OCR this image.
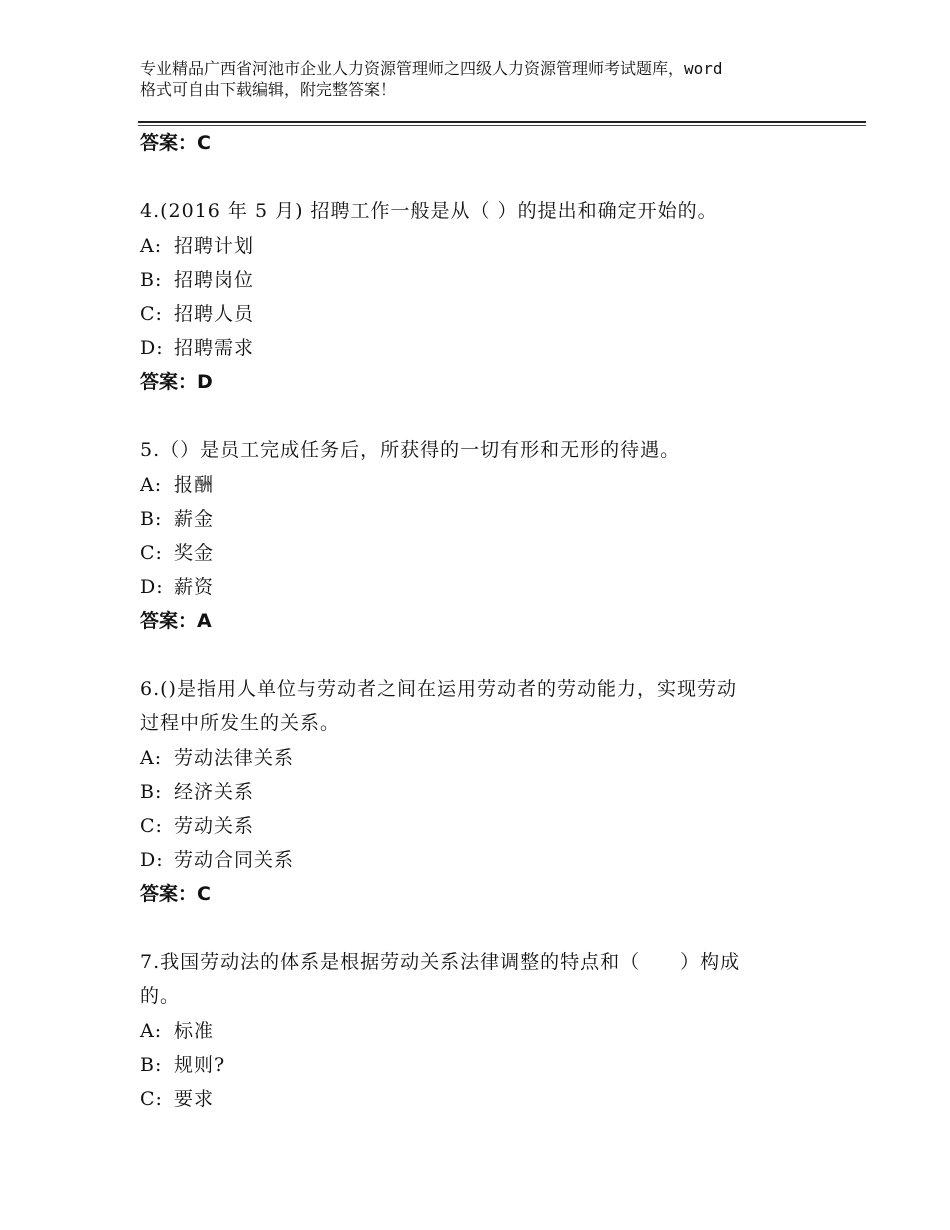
专业精品广西省河池市企业人力资源管理师之四级人力资源管理师考试题库，word
格式可自由下载编辑，附完整答案！
答案：C
4.(2016 年 5 月) 招聘工作一般是从（ ）的提出和确定开始的。
A: 招聘计划
B: 招聘岗位
C: 招聘人员
D: 招聘需求
答案：D
5.（）是员工完成任务后，所获得的一切有形和无形的待遇。
A: 报酬
B: 薪金
C: 奖金
D: 薪资
答案：A
6.()是指用人单位与劳动者之间在运用劳动者的劳动能力，实现劳动
过程中所发生的关系。
A: 劳动法律关系
B: 经济关系
C: 劳动关系
D: 劳动合同关系
答案：C
7.我国劳动法的体系是根据劳动关系法律调整的特点和（　　）构成
的。
A: 标准
B: 规则?
C: 要求
